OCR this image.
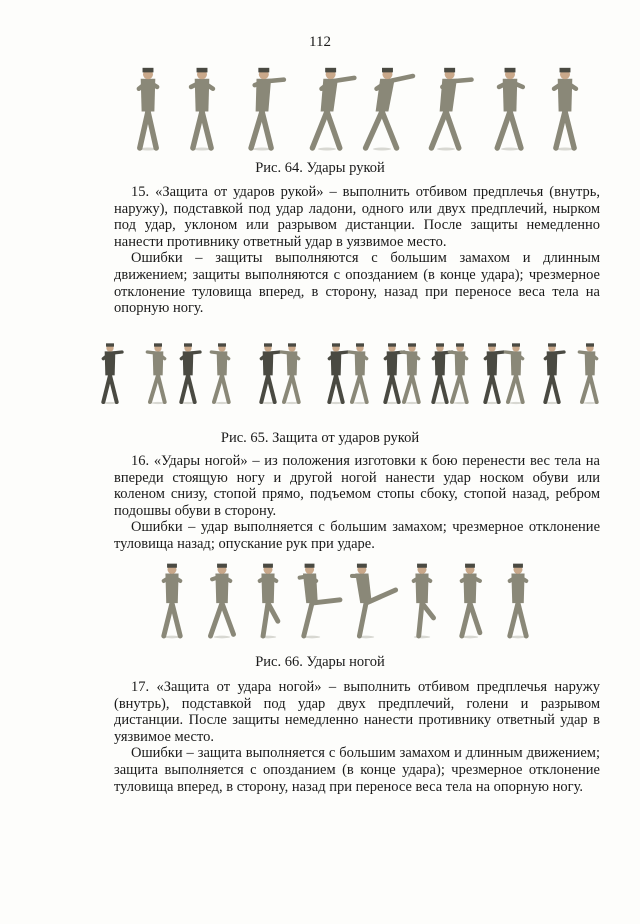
112
Рис. 64. Удары рукой

15. «Защита от ударов рукой» – выполнить отбивом предплечья (внутрь, наружу), подставкой под удар ладони, одного или двух предплечий, нырком под удар, уклоном или разрывом дистанции. После защиты немедленно нанести противнику ответный удар в уязвимое место.

Ошибки – защиты выполняются с большим замахом и длинным движением; защиты выполняются с опозданием (в конце удара); чрезмерное отклонение туловища вперед, в сторону, назад при переносе веса тела на опорную ногу.

Рис. 65. Защита от ударов рукой

16. «Удары ногой» – из положения изготовки к бою перенести вес тела на впереди стоящую ногу и другой ногой нанести удар носком обуви или коленом снизу, стопой прямо, подъемом стопы сбоку, стопой назад, ребром подошвы обуви в сторону.

Ошибки – удар выполняется с большим замахом; чрезмерное отклонение туловища назад; опускание рук при ударе.

Рис. 66. Удары ногой

17. «Защита от удара ногой» – выполнить отбивом предплечья наружу (внутрь), подставкой под удар двух предплечий, голени и разрывом дистанции. После защиты немедленно нанести противнику ответный удар в уязвимое место.

Ошибки – защита выполняется с большим замахом и длинным движением; защита выполняется с опозданием (в конце удара); чрезмерное отклонение туловища вперед, в сторону, назад при переносе веса тела на опорную ногу.
